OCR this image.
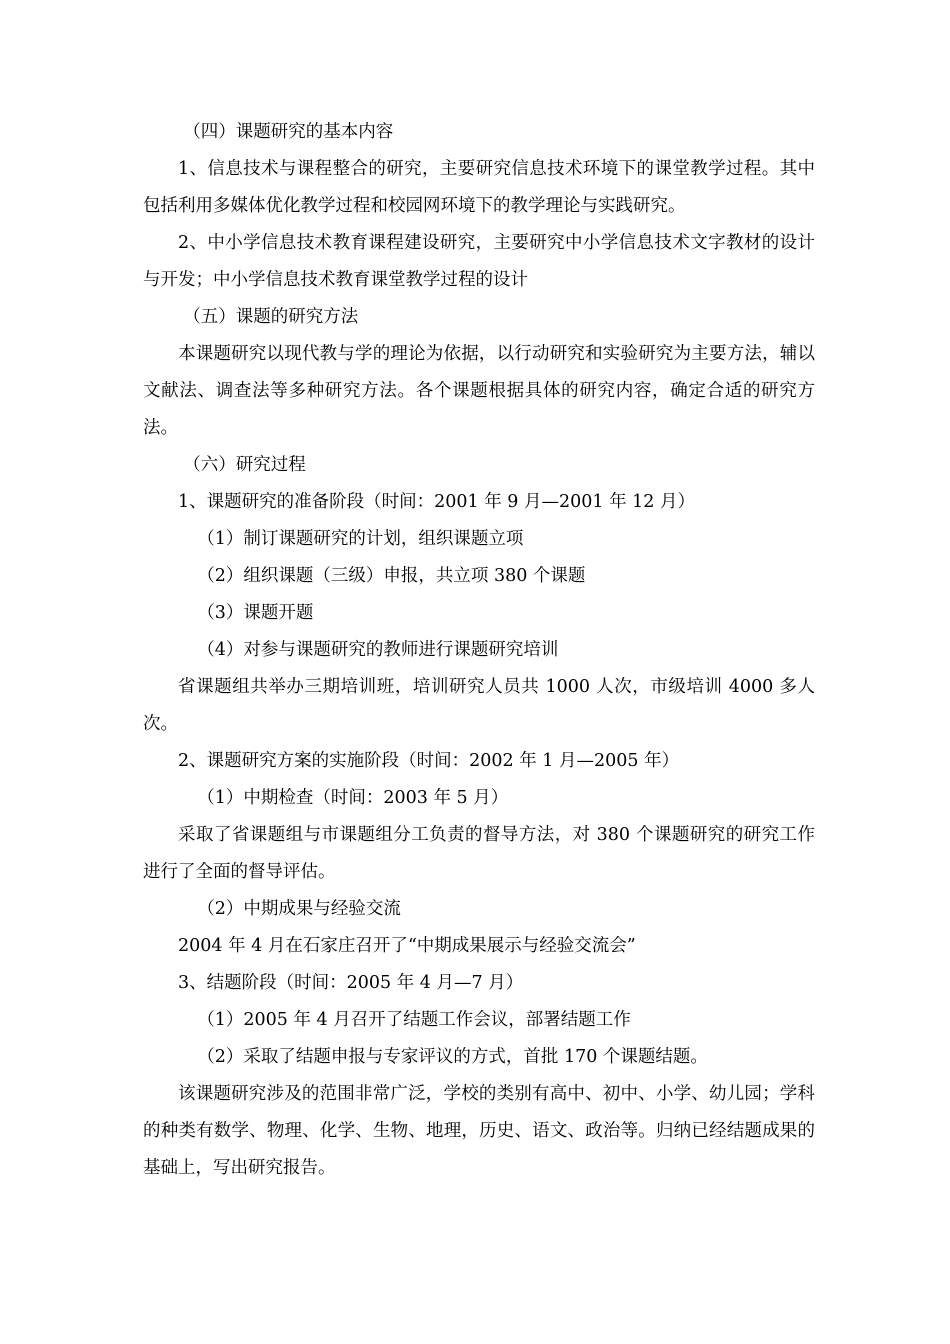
（四）课题研究的基本内容

1、信息技术与课程整合的研究，主要研究信息技术环境下的课堂教学过程。其中包括利用多媒体优化教学过程和校园网环境下的教学理论与实践研究。

2、中小学信息技术教育课程建设研究，主要研究中小学信息技术文字教材的设计与开发；中小学信息技术教育课堂教学过程的设计

（五）课题的研究方法

本课题研究以现代教与学的理论为依据，以行动研究和实验研究为主要方法，辅以文献法、调查法等多种研究方法。各个课题根据具体的研究内容，确定合适的研究方法。

（六）研究过程

1、课题研究的准备阶段（时间：2001 年 9 月—2001 年 12 月）

（1）制订课题研究的计划，组织课题立项

（2）组织课题（三级）申报，共立项 380 个课题

（3）课题开题

（4）对参与课题研究的教师进行课题研究培训

省课题组共举办三期培训班，培训研究人员共 1000 人次，市级培训 4000 多人次。

2、课题研究方案的实施阶段（时间：2002 年 1 月—2005 年）

（1）中期检查（时间：2003 年 5 月）

采取了省课题组与市课题组分工负责的督导方法，对 380 个课题研究的研究工作进行了全面的督导评估。

（2）中期成果与经验交流

2004 年 4 月在石家庄召开了“中期成果展示与经验交流会”

3、结题阶段（时间：2005 年 4 月—7 月）

（1）2005 年 4 月召开了结题工作会议，部署结题工作

（2）采取了结题申报与专家评议的方式，首批 170 个课题结题。

该课题研究涉及的范围非常广泛，学校的类别有高中、初中、小学、幼儿园；学科的种类有数学、物理、化学、生物、地理，历史、语文、政治等。归纳已经结题成果的基础上，写出研究报告。
